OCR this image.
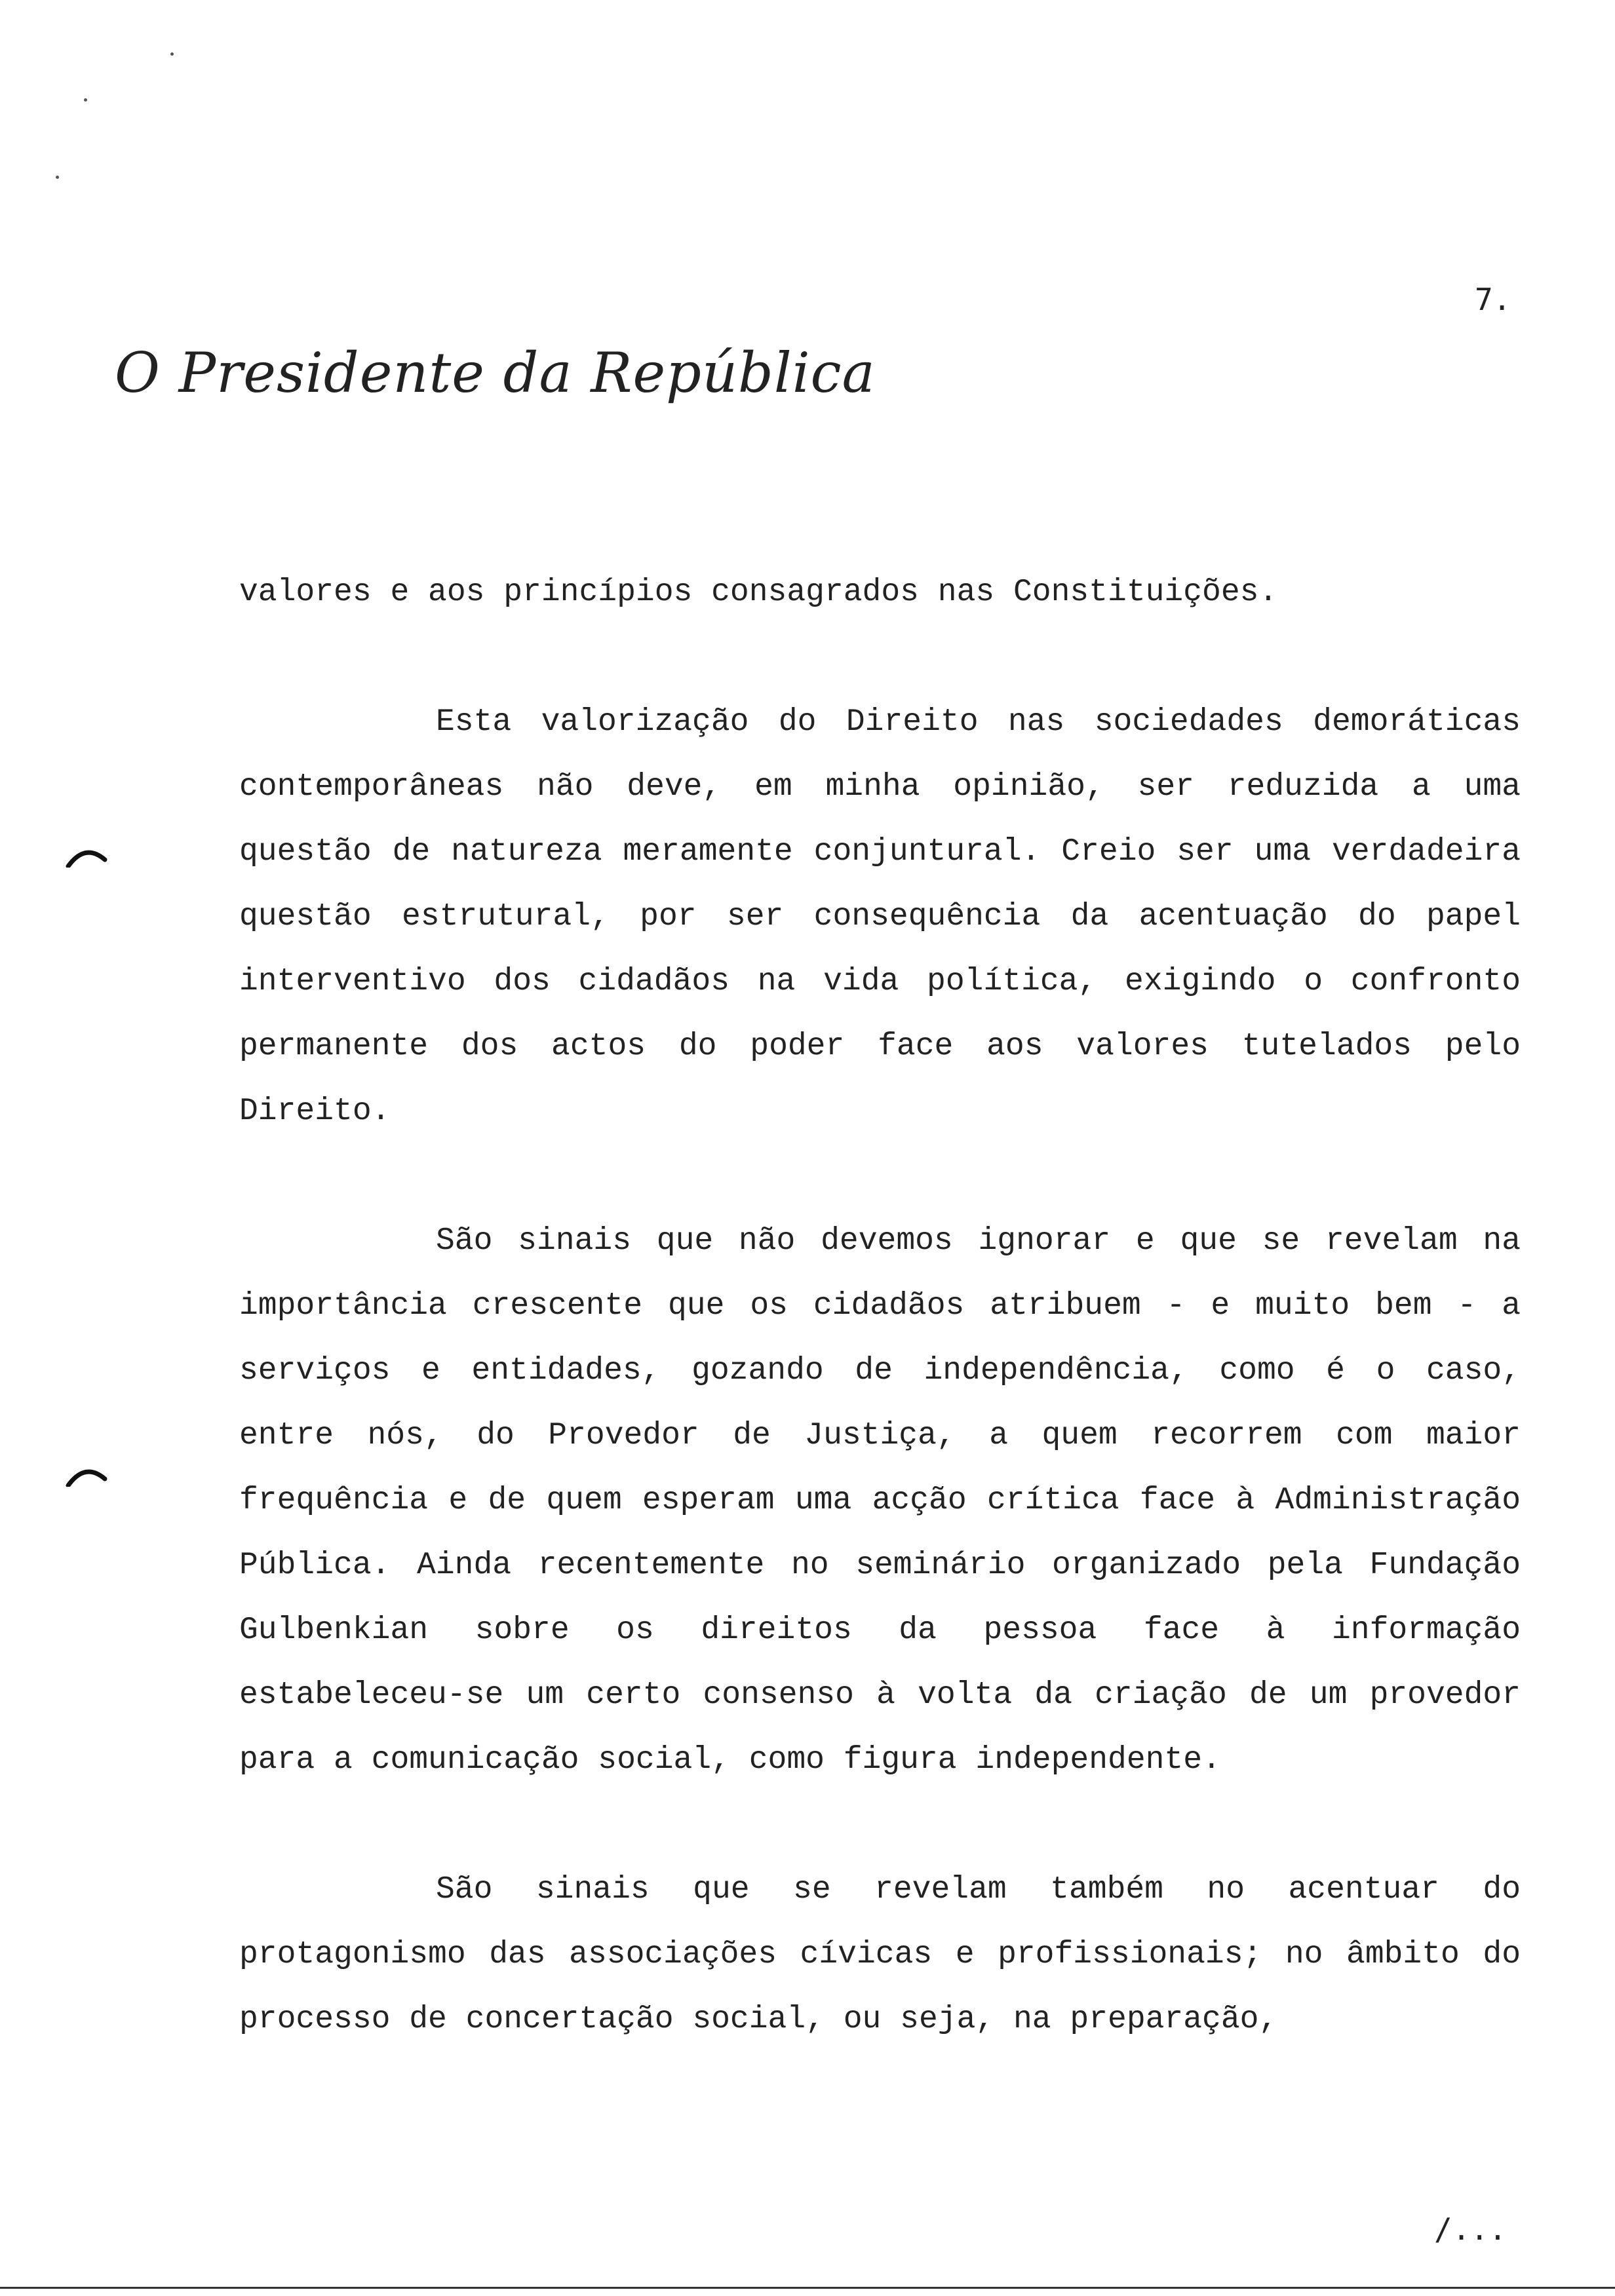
7.
O Presidente da República

valores e aos princípios consagrados nas Constituições.

Esta valorização do Direito nas sociedades demoráticas contemporâneas não deve, em minha opinião, ser reduzida a uma questão de natureza meramente conjuntural. Creio ser uma verdadeira questão estrutural, por ser consequência da acentuação do papel interventivo dos cidadãos na vida política, exigindo o confronto permanente dos actos do poder face aos valores tutelados pelo Direito.

São sinais que não devemos ignorar e que se revelam na importância crescente que os cidadãos atribuem - e muito bem - a serviços e entidades, gozando de independência, como é o caso, entre nós, do Provedor de Justiça, a quem recorrem com maior frequência e de quem esperam uma acção crítica face à Administração Pública. Ainda recentemente no seminário organizado pela Fundação Gulbenkian sobre os direitos da pessoa face à informação estabeleceu-se um certo consenso à volta da criação de um provedor para a comunicação social, como figura independente.

São sinais que se revelam também no acentuar do protagonismo das associações cívicas e profissionais; no âmbito do processo de concertação social, ou seja, na preparação,

/...
